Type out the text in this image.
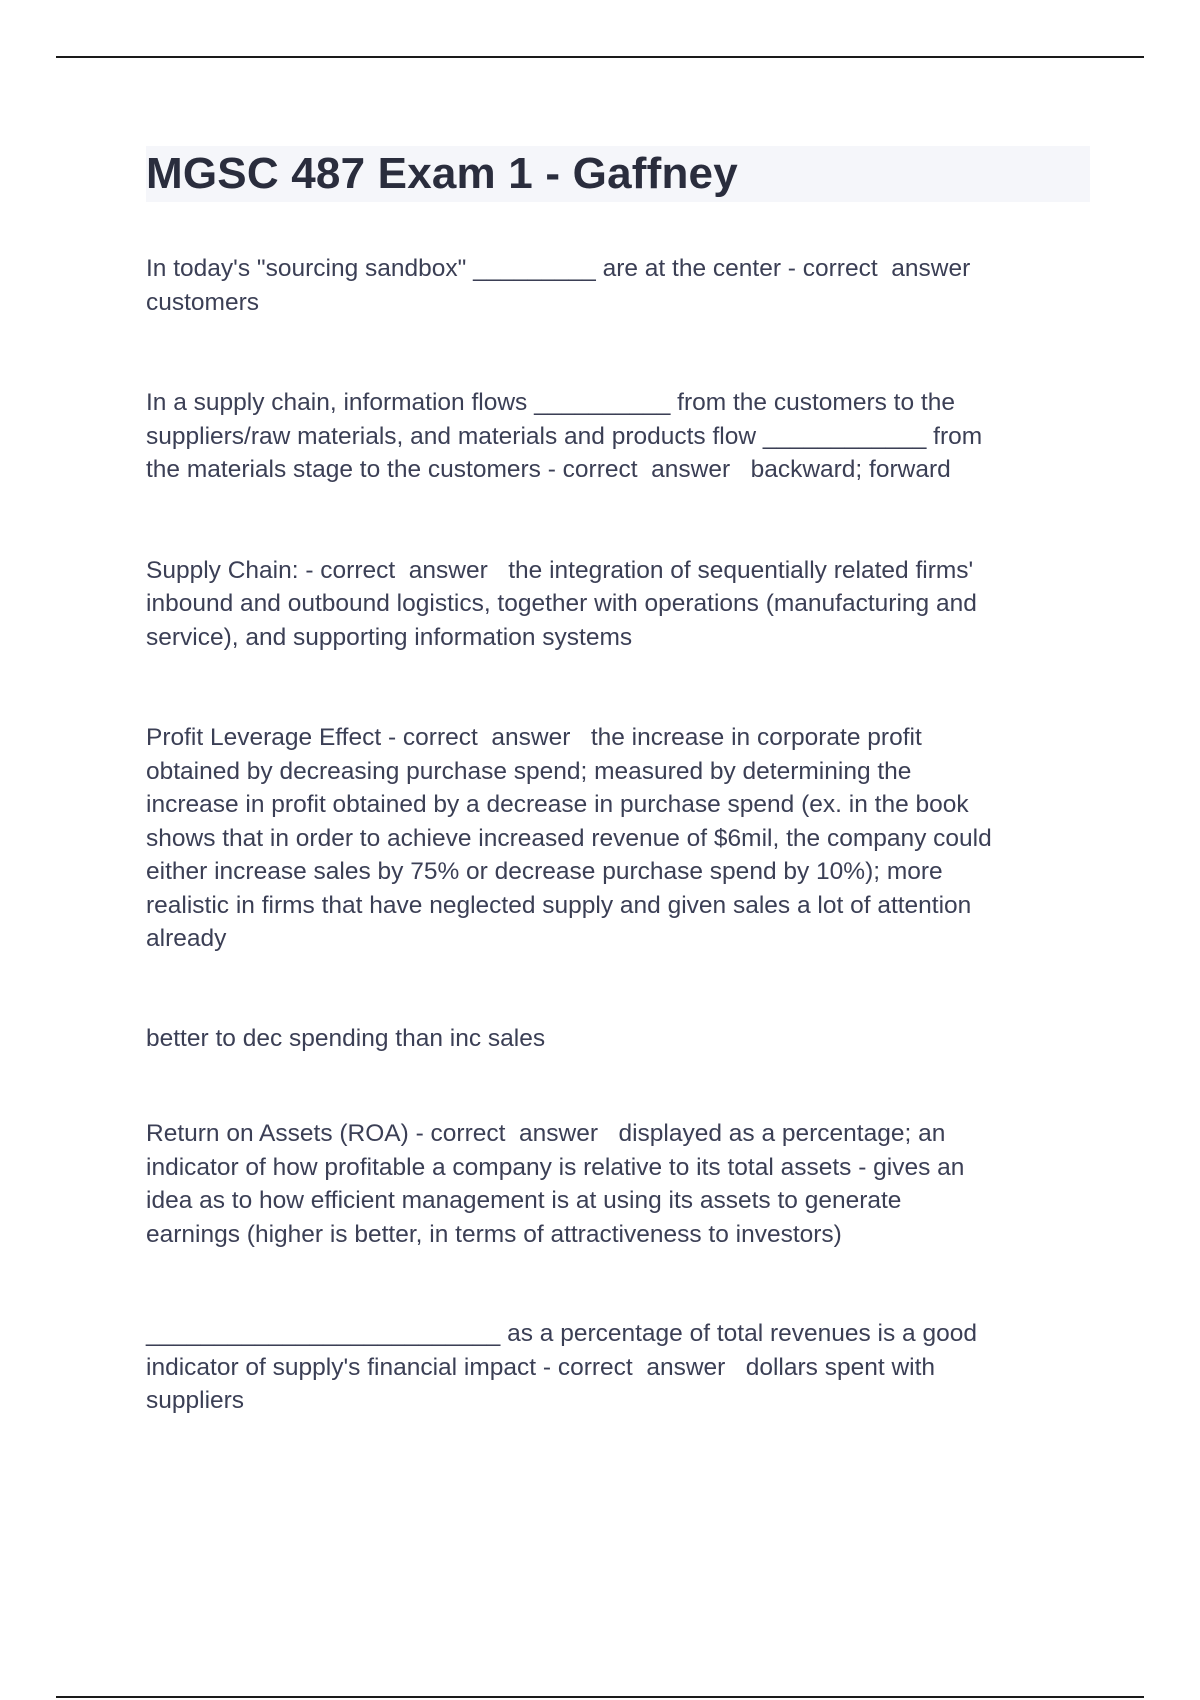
MGSC 487 Exam 1 - Gaffney

In today's "sourcing sandbox" _________ are at the center - correct  answer
customers

In a supply chain, information flows __________ from the customers to the
suppliers/raw materials, and materials and products flow ____________ from
the materials stage to the customers - correct  answer   backward; forward

Supply Chain: - correct  answer   the integration of sequentially related firms'
inbound and outbound logistics, together with operations (manufacturing and
service), and supporting information systems

Profit Leverage Effect - correct  answer   the increase in corporate profit
obtained by decreasing purchase spend; measured by determining the
increase in profit obtained by a decrease in purchase spend (ex. in the book
shows that in order to achieve increased revenue of $6mil, the company could
either increase sales by 75% or decrease purchase spend by 10%); more
realistic in firms that have neglected supply and given sales a lot of attention
already

better to dec spending than inc sales

Return on Assets (ROA) - correct  answer   displayed as a percentage; an
indicator of how profitable a company is relative to its total assets - gives an
idea as to how efficient management is at using its assets to generate
earnings (higher is better, in terms of attractiveness to investors)

__________________________ as a percentage of total revenues is a good
indicator of supply's financial impact - correct  answer   dollars spent with
suppliers
